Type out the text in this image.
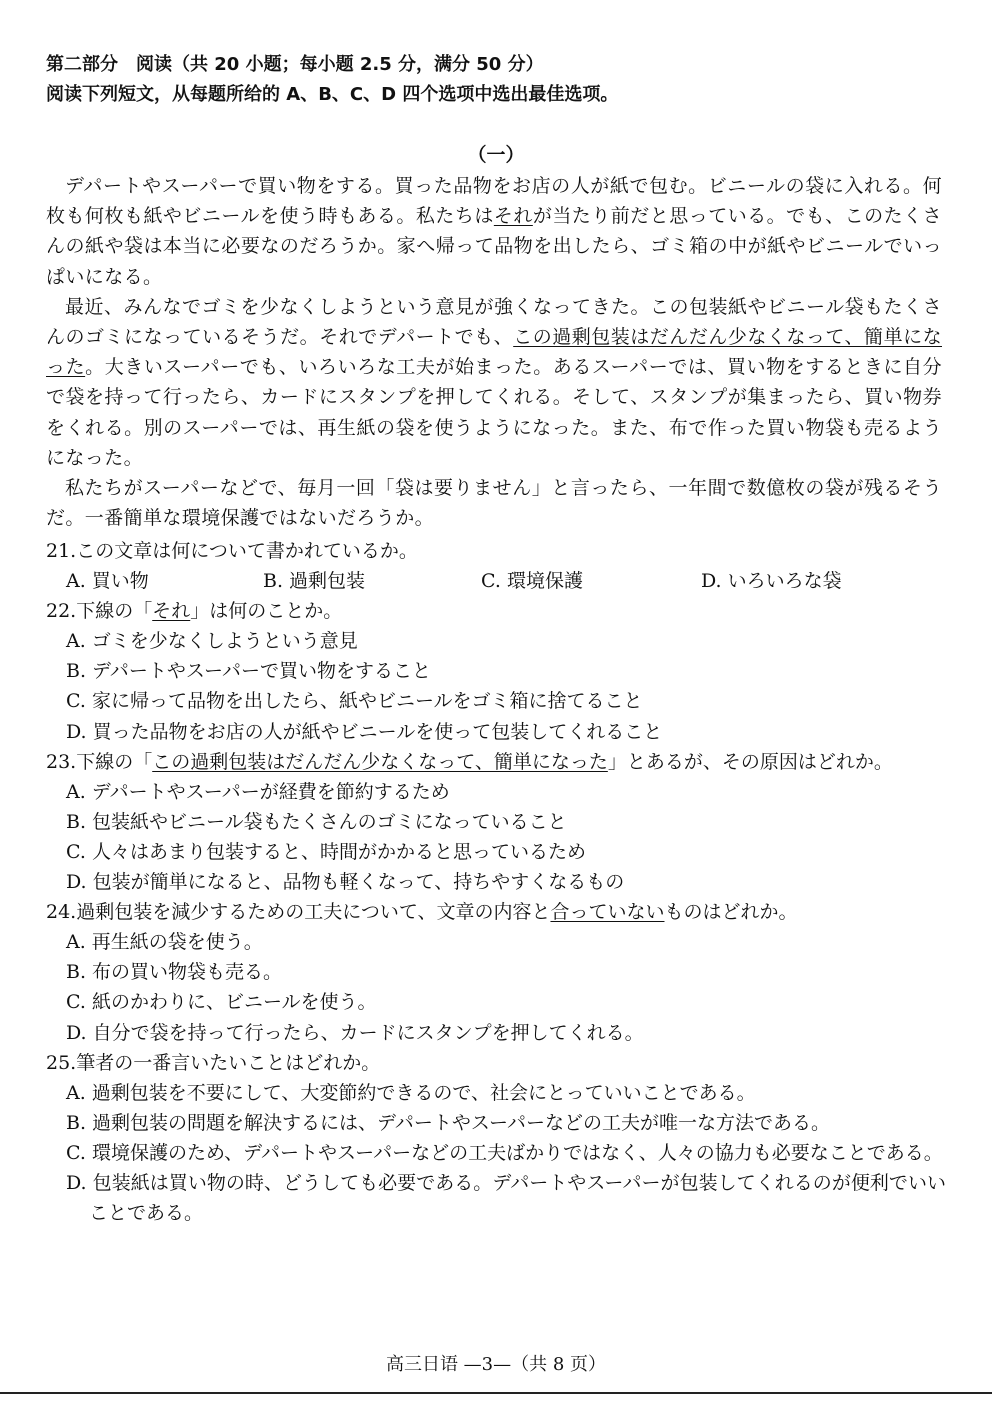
第二部分　阅读（共 20 小题；每小题 2.5 分，满分 50 分）
阅读下列短文，从每题所给的 A、B、C、D 四个选项中选出最佳选项。
（一）

デパートやスーパーで買い物をする。買った品物をお店の人が紙で包む。ビニールの袋に入れる。何枚も何枚も紙やビニールを使う時もある。私たちはそれが当たり前だと思っている。でも、このたくさんの紙や袋は本当に必要なのだろうか。家へ帰って品物を出したら、ゴミ箱の中が紙やビニールでいっぱいになる。

最近、みんなでゴミを少なくしようという意見が強くなってきた。この包装紙やビニール袋もたくさんのゴミになっているそうだ。それでデパートでも、この過剰包装はだんだん少なくなって、簡単になった。大きいスーパーでも、いろいろな工夫が始まった。あるスーパーでは、買い物をするときに自分で袋を持って行ったら、カードにスタンプを押してくれる。そして、スタンプが集まったら、買い物券をくれる。別のスーパーでは、再生紙の袋を使うようになった。また、布で作った買い物袋も売るようになった。

私たちがスーパーなどで、毎月一回「袋は要りません」と言ったら、一年間で数億枚の袋が残るそうだ。一番簡単な環境保護ではないだろうか。

21.この文章は何について書かれているか。
A. 買い物	B. 過剰包装	C. 環境保護	D. いろいろな袋
22.下線の「それ」は何のことか。
A. ゴミを少なくしようという意見
B. デパートやスーパーで買い物をすること
C. 家に帰って品物を出したら、紙やビニールをゴミ箱に捨てること
D. 買った品物をお店の人が紙やビニールを使って包装してくれること
23.下線の「この過剰包装はだんだん少なくなって、簡単になった」とあるが、その原因はどれか。
A. デパートやスーパーが経費を節約するため
B. 包装紙やビニール袋もたくさんのゴミになっていること
C. 人々はあまり包装すると、時間がかかると思っているため
D. 包装が簡単になると、品物も軽くなって、持ちやすくなるもの
24.過剰包装を減少するための工夫について、文章の内容と合っていないものはどれか。
A. 再生紙の袋を使う。
B. 布の買い物袋も売る。
C. 紙のかわりに、ビニールを使う。
D. 自分で袋を持って行ったら、カードにスタンプを押してくれる。
25.筆者の一番言いたいことはどれか。
A. 過剰包装を不要にして、大変節約できるので、社会にとっていいことである。
B. 過剰包装の問題を解決するには、デパートやスーパーなどの工夫が唯一な方法である。
C. 環境保護のため、デパートやスーパーなどの工夫ばかりではなく、人々の協力も必要なことである。
D. 包装紙は買い物の時、どうしても必要である。デパートやスーパーが包装してくれるのが便利でいいことである。
高三日语 —3—（共 8 页）
